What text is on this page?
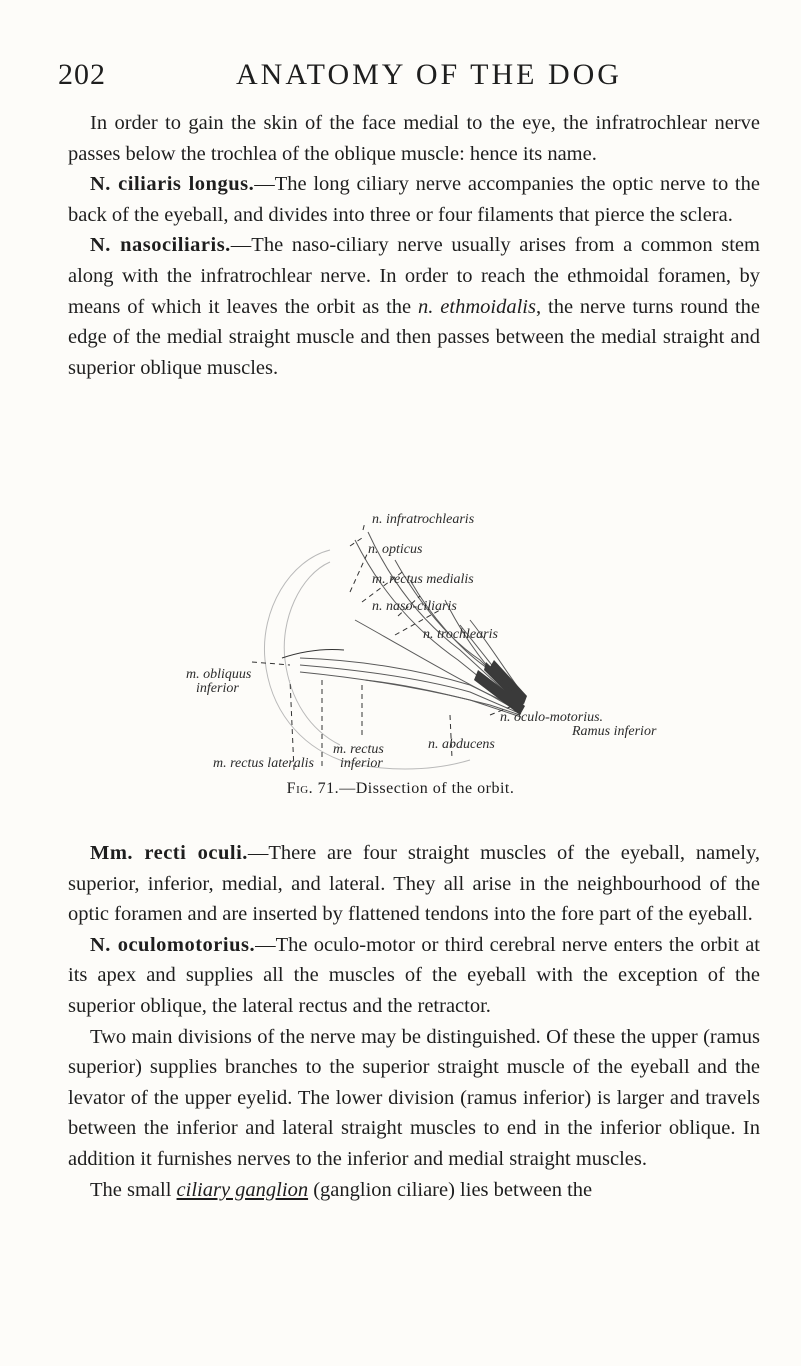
202	ANATOMY OF THE DOG

In order to gain the skin of the face medial to the eye, the infratrochlear nerve passes below the trochlea of the oblique muscle: hence its name.

N. ciliaris longus.—The long ciliary nerve accompanies the optic nerve to the back of the eyeball, and divides into three or four filaments that pierce the sclera.

N. nasociliaris.—The naso-ciliary nerve usually arises from a common stem along with the infratrochlear nerve. In order to reach the ethmoidal foramen, by means of which it leaves the orbit as the n. ethmoidalis, the nerve turns round the edge of the medial straight muscle and then passes between the medial straight and superior oblique muscles.

n. infratrochlearis
n. opticus
m. rectus medialis
n. naso-ciliaris
n. trochlearis
m. obliquus
inferior
n. oculo-motorius.
Ramus inferior
n. abducens
m. rectus
inferior
m. rectus lateralis
Fig. 71.—Dissection of the orbit.

Mm. recti oculi.—There are four straight muscles of the eyeball, namely, superior, inferior, medial, and lateral. They all arise in the neighbourhood of the optic foramen and are inserted by flattened tendons into the fore part of the eyeball.

N. oculomotorius.—The oculo-motor or third cerebral nerve enters the orbit at its apex and supplies all the muscles of the eyeball with the exception of the superior oblique, the lateral rectus and the retractor.

Two main divisions of the nerve may be distinguished. Of these the upper (ramus superior) supplies branches to the superior straight muscle of the eyeball and the levator of the upper eyelid. The lower division (ramus inferior) is larger and travels between the inferior and lateral straight muscles to end in the inferior oblique. In addition it furnishes nerves to the inferior and medial straight muscles.

The small ciliary ganglion (ganglion ciliare) lies between the
